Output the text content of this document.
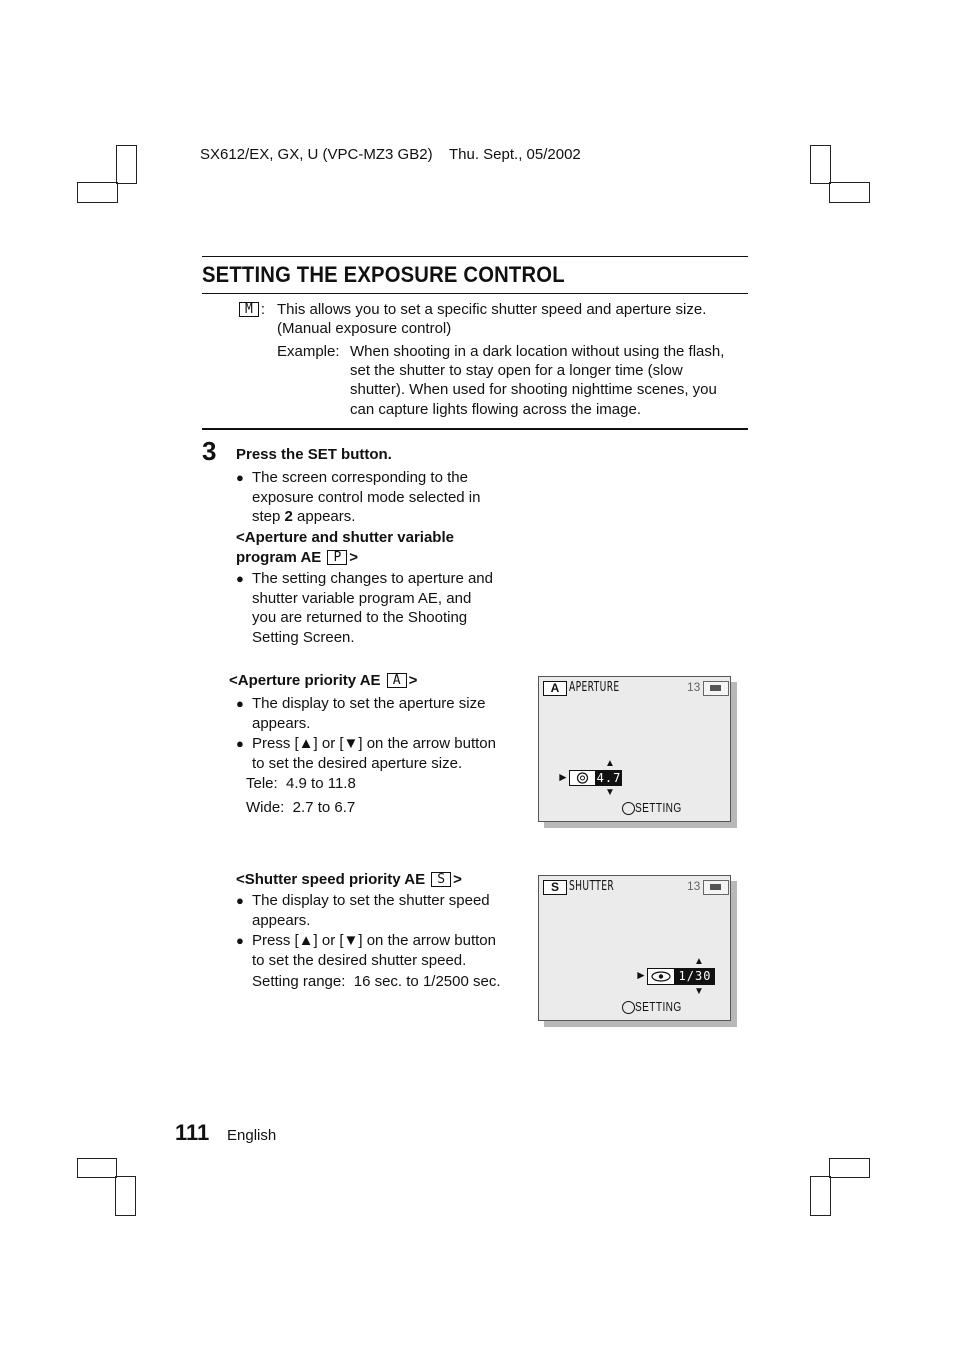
SX612/EX, GX, U (VPC-MZ3 GB2) Thu. Sept., 05/2002
SETTING THE EXPOSURE CONTROL
M : This allows you to set a specific shutter speed and aperture size.
(Manual exposure control)
Example: When shooting in a dark location without using the flash,
set the shutter to stay open for a longer time (slow
shutter). When used for shooting nighttime scenes, you
can capture lights flowing across the image.
3 Press the SET button.
● The screen corresponding to the
exposure control mode selected in
step 2 appears.
<Aperture and shutter variable
program AE P >
● The setting changes to aperture and
shutter variable program AE, and
you are returned to the Shooting
Setting Screen.
<Aperture priority AE A >
● The display to set the aperture size
appears.
● Press [▲] or [▼] on the arrow button
to set the desired aperture size.
Tele:  4.9 to 11.8
Wide:  2.7 to 6.7
A APERTURE	13
▲
► 4.7
▼
SETTING
<Shutter speed priority AE S >
● The display to set the shutter speed
appears.
● Press [▲] or [▼] on the arrow button
to set the desired shutter speed.
Setting range:  16 sec. to 1/2500 sec.
S SHUTTER	13
▲
►	1/30
▼
SETTING
111 English
